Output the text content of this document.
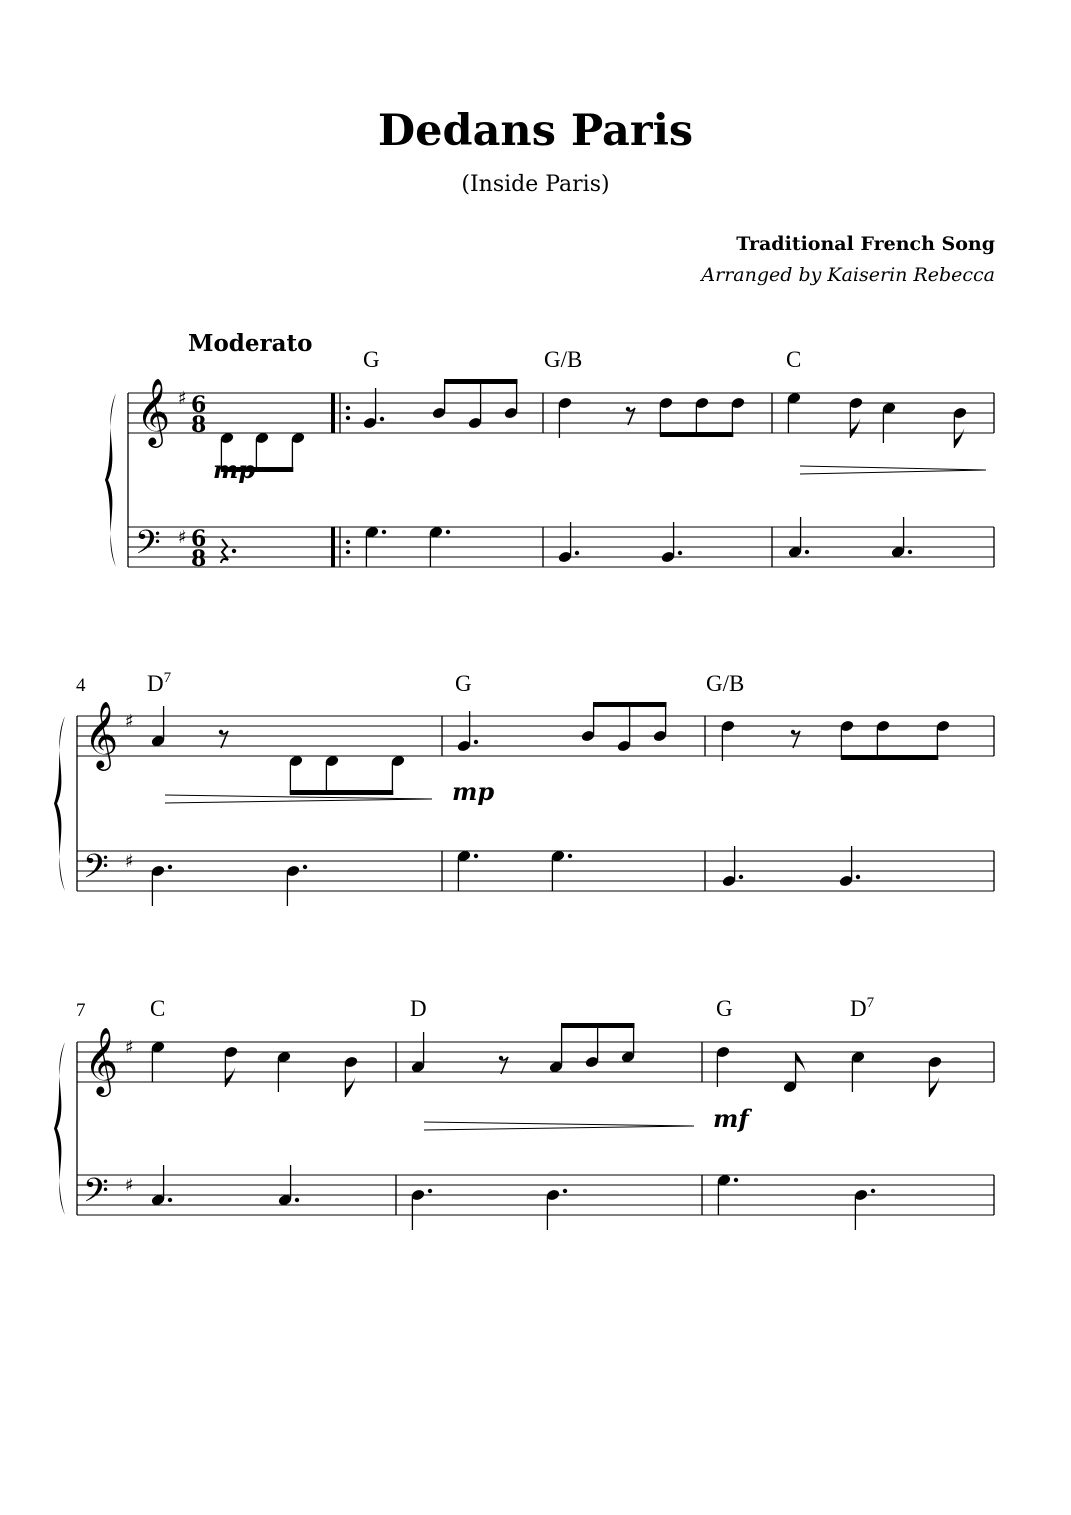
Dedans Paris
(Inside Paris)
Traditional French Song
Arranged by Kaiserin Rebecca
Moderato
𝄞
𝄢
♯
♯
6
8
6
8
mp
G	G/B	C
𝄞
𝄢
♯
♯
4
mp
$D^7$	G	G/B
𝄞
𝄢
♯
♯
7
mf
C	D	G	$D^7$
